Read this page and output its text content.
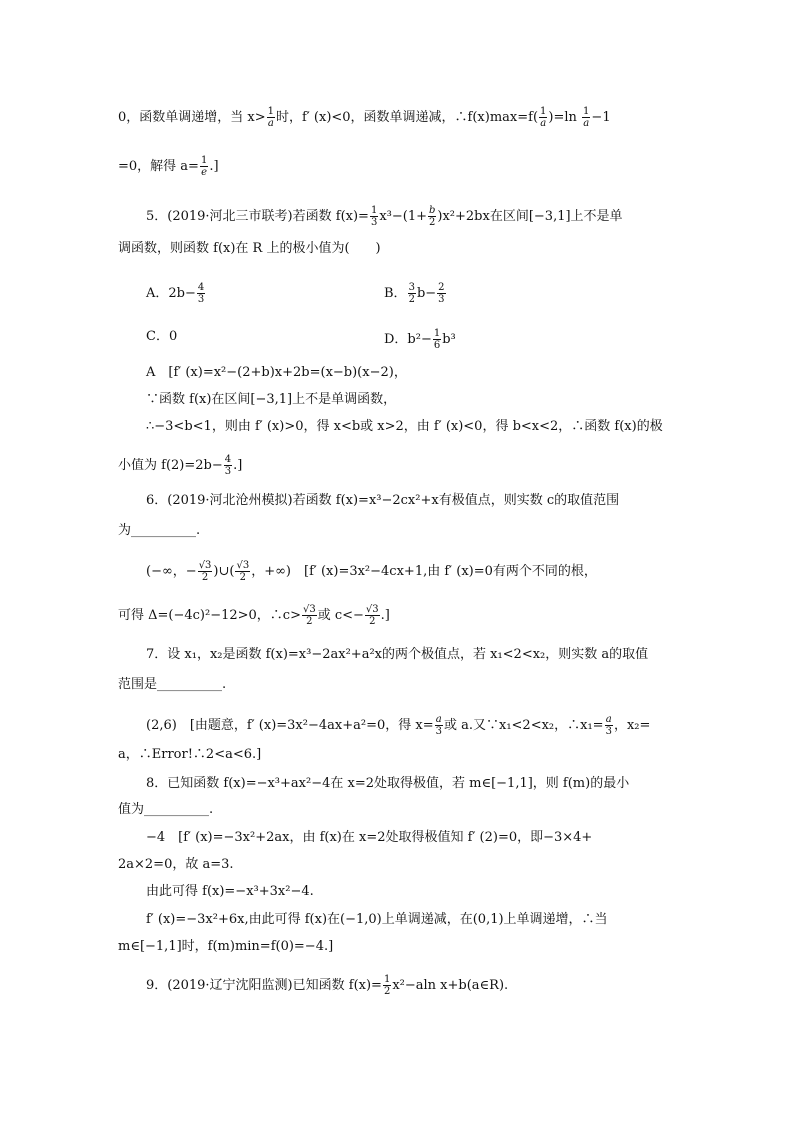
0，函数单调递增，当 $x> \frac{1}{a}$ 时，f′ (x)<0，函数单调递减，∴f(x)max=f( $\frac{1}{a} )=\ln \frac{1}{a} -1$
=0，解得 $a= \frac{1}{e}$ .]
5．(2019·河北三市联考)若函数 $f(x)= \frac{1}{3} x^3-(1+ \frac{b}{2} )x^2+2bx$在区间[−3,1]上不是单
调函数，则函数 f(x)在 R 上的极小值为(　　)
A．$2b- \frac{4}{3}$	B． $\frac{3}{2} b- \frac{2}{3}$
C．0	D．$b^2- \frac{1}{6} b^3$
A　[f′ (x)=x²−(2+b)x+2b=(x−b)(x−2)，
∵函数 f(x)在区间[−3,1]上不是单调函数，
∴−3<b<1，则由 f′ (x)>0，得 x<b或 x>2，由 f′ (x)<0，得 b<x<2，∴函数 f(x)的极
小值为 $f(2)=2b- \frac{4}{3}$ .]
6．(2019·河北沧州模拟)若函数 f(x)=x³−2cx²+x有极值点，则实数 c的取值范围
为__________.
(−∞，− $\frac{√3}{2}$ )∪( $\frac{√3}{2}$ ，+∞)　[f′ (x)=3x²−4cx+1,由 f′ (x)=0有两个不同的根，
可得 Δ=(−4c)²−12>0，∴c> $\frac{√3}{2}$ 或 $c<- \frac{√3}{2}$ .]
7．设 x₁，x₂是函数 f(x)=x³−2ax²+a²x的两个极值点，若 x₁<2<x₂，则实数 a的取值
范围是__________.
(2,6)　[由题意，f′ (x)=3x²−4ax+a²=0，得 $x= \frac{a}{3}$ 或 a.又∵x₁<2<x₂，∴x₁= $\frac{a}{3}$ ，x₂=
a，∴Error!∴2<a<6.]
8．已知函数 f(x)=−x³+ax²−4在 x=2处取得极值，若 m∈[−1,1]，则 f(m)的最小
值为__________.
−4　[f′ (x)=−3x²+2ax，由 f(x)在 x=2处取得极值知 f′ (2)=0，即−3×4+
2a×2=0，故 a=3.
由此可得 f(x)=−x³+3x²−4.
f′ (x)=−3x²+6x,由此可得 f(x)在(−1,0)上单调递减，在(0,1)上单调递增，∴当
m∈[−1,1]时，f(m)min=f(0)=−4.]
9．(2019·辽宁沈阳监测)已知函数 $f(x)= \frac{1}{2} x^2-aln$ x+b(a∈R).
